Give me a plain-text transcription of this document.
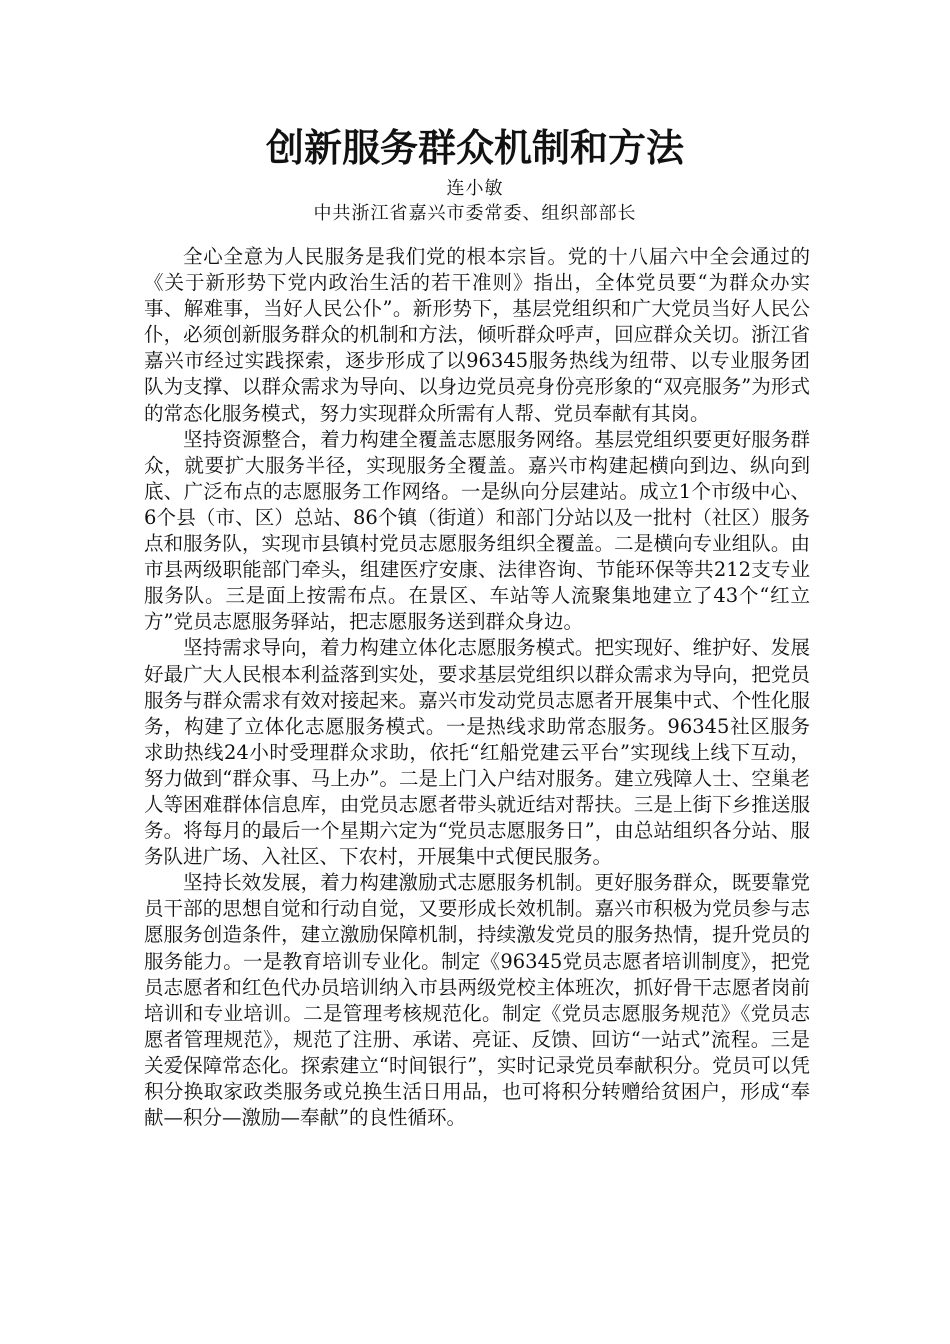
创新服务群众机制和方法
连小敏
中共浙江省嘉兴市委常委、组织部部长

全心全意为人民服务是我们党的根本宗旨。党的十八届六中全会通过的《关于新形势下党内政治生活的若干准则》指出，全体党员要“为群众办实事、解难事，当好人民公仆”。新形势下，基层党组织和广大党员当好人民公仆，必须创新服务群众的机制和方法，倾听群众呼声，回应群众关切。浙江省嘉兴市经过实践探索，逐步形成了以96345服务热线为纽带、以专业服务团队为支撑、以群众需求为导向、以身边党员亮身份亮形象的“双亮服务”为形式的常态化服务模式，努力实现群众所需有人帮、党员奉献有其岗。

坚持资源整合，着力构建全覆盖志愿服务网络。基层党组织要更好服务群众，就要扩大服务半径，实现服务全覆盖。嘉兴市构建起横向到边、纵向到底、广泛布点的志愿服务工作网络。一是纵向分层建站。成立1个市级中心、6个县（市、区）总站、86个镇（街道）和部门分站以及一批村（社区）服务点和服务队，实现市县镇村党员志愿服务组织全覆盖。二是横向专业组队。由市县两级职能部门牵头，组建医疗安康、法律咨询、节能环保等共212支专业服务队。三是面上按需布点。在景区、车站等人流聚集地建立了43个“红立方”党员志愿服务驿站，把志愿服务送到群众身边。

坚持需求导向，着力构建立体化志愿服务模式。把实现好、维护好、发展好最广大人民根本利益落到实处，要求基层党组织以群众需求为导向，把党员服务与群众需求有效对接起来。嘉兴市发动党员志愿者开展集中式、个性化服务，构建了立体化志愿服务模式。一是热线求助常态服务。96345社区服务求助热线24小时受理群众求助，依托“红船党建云平台”实现线上线下互动，努力做到“群众事、马上办”。二是上门入户结对服务。建立残障人士、空巢老人等困难群体信息库，由党员志愿者带头就近结对帮扶。三是上街下乡推送服务。将每月的最后一个星期六定为“党员志愿服务日”，由总站组织各分站、服务队进广场、入社区、下农村，开展集中式便民服务。

坚持长效发展，着力构建激励式志愿服务机制。更好服务群众，既要靠党员干部的思想自觉和行动自觉，又要形成长效机制。嘉兴市积极为党员参与志愿服务创造条件，建立激励保障机制，持续激发党员的服务热情，提升党员的服务能力。一是教育培训专业化。制定《96345党员志愿者培训制度》，把党员志愿者和红色代办员培训纳入市县两级党校主体班次，抓好骨干志愿者岗前培训和专业培训。二是管理考核规范化。制定《党员志愿服务规范》《党员志愿者管理规范》，规范了注册、承诺、亮证、反馈、回访“一站式”流程。三是关爱保障常态化。探索建立“时间银行”，实时记录党员奉献积分。党员可以凭积分换取家政类服务或兑换生活日用品，也可将积分转赠给贫困户，形成“奉献—积分—激励—奉献”的良性循环。
